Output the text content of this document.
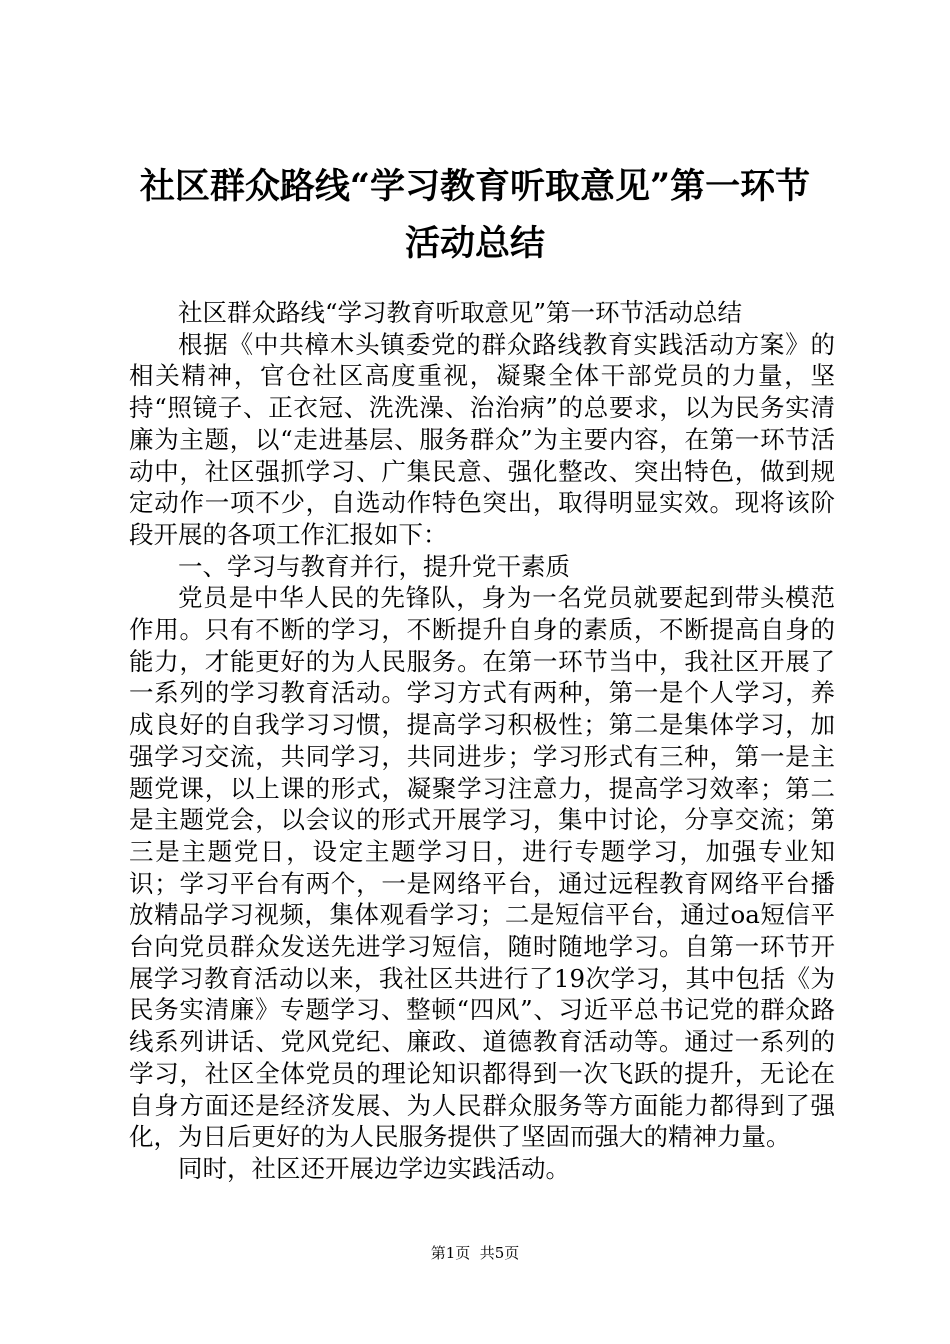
社区群众路线“学习教育听取意见”第一环节
活动总结

社区群众路线“学习教育听取意见”第一环节活动总结

根据《中共樟木头镇委党的群众路线教育实践活动方案》的相关精神，官仓社区高度重视，凝聚全体干部党员的力量，坚持“照镜子、正衣冠、洗洗澡、治治病”的总要求，以为民务实清廉为主题，以“走进基层、服务群众”为主要内容，在第一环节活动中，社区强抓学习、广集民意、强化整改、突出特色，做到规定动作一项不少，自选动作特色突出，取得明显实效。现将该阶段开展的各项工作汇报如下：

一、学习与教育并行，提升党干素质

党员是中华人民的先锋队，身为一名党员就要起到带头模范作用。只有不断的学习，不断提升自身的素质，不断提高自身的能力，才能更好的为人民服务。在第一环节当中，我社区开展了一系列的学习教育活动。学习方式有两种，第一是个人学习，养成良好的自我学习习惯，提高学习积极性；第二是集体学习，加强学习交流，共同学习，共同进步；学习形式有三种，第一是主题党课，以上课的形式，凝聚学习注意力，提高学习效率；第二是主题党会，以会议的形式开展学习，集中讨论，分享交流；第三是主题党日，设定主题学习日，进行专题学习，加强专业知识；学习平台有两个，一是网络平台，通过远程教育网络平台播放精品学习视频，集体观看学习；二是短信平台，通过oa短信平台向党员群众发送先进学习短信，随时随地学习。自第一环节开展学习教育活动以来，我社区共进行了19次学习，其中包括《为民务实清廉》专题学习、整顿“四风”、习近平总书记党的群众路线系列讲话、党风党纪、廉政、道德教育活动等。通过一系列的学习，社区全体党员的理论知识都得到一次飞跃的提升，无论在自身方面还是经济发展、为人民群众服务等方面能力都得到了强化，为日后更好的为人民服务提供了坚固而强大的精神力量。

同时，社区还开展边学边实践活动。

第1页  共5页
